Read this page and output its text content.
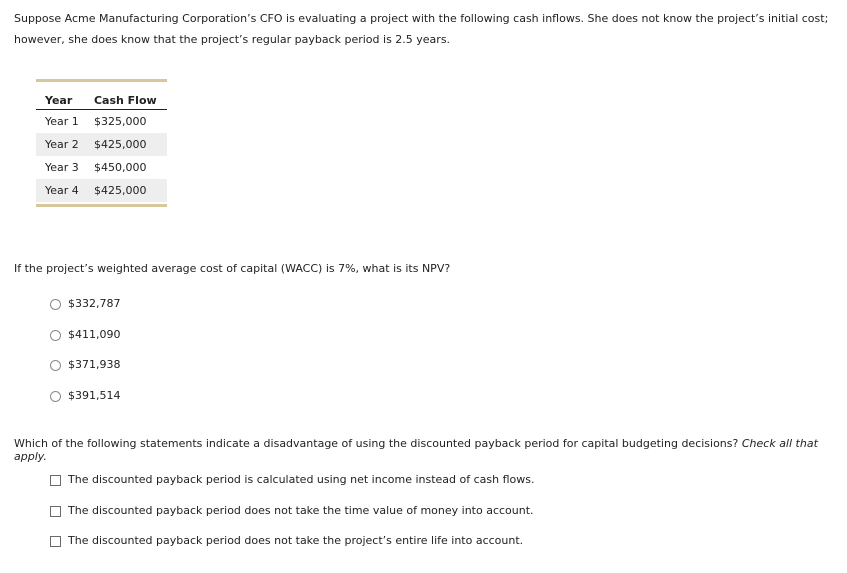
Suppose Acme Manufacturing Corporation’s CFO is evaluating a project with the following cash inflows. She does not know the project’s initial cost;

however, she does know that the project’s regular payback period is 2.5 years.

Year	Cash Flow
Year 1	$325,000
Year 2	$425,000
Year 3	$450,000
Year 4	$425,000
If the project’s weighted average cost of capital (WACC) is 7%, what is its NPV?
$332,787
$411,090
$371,938
$391,514
Which of the following statements indicate a disadvantage of using the discounted payback period for capital budgeting decisions? Check all that apply.
The discounted payback period is calculated using net income instead of cash flows.
The discounted payback period does not take the time value of money into account.
The discounted payback period does not take the project’s entire life into account.
